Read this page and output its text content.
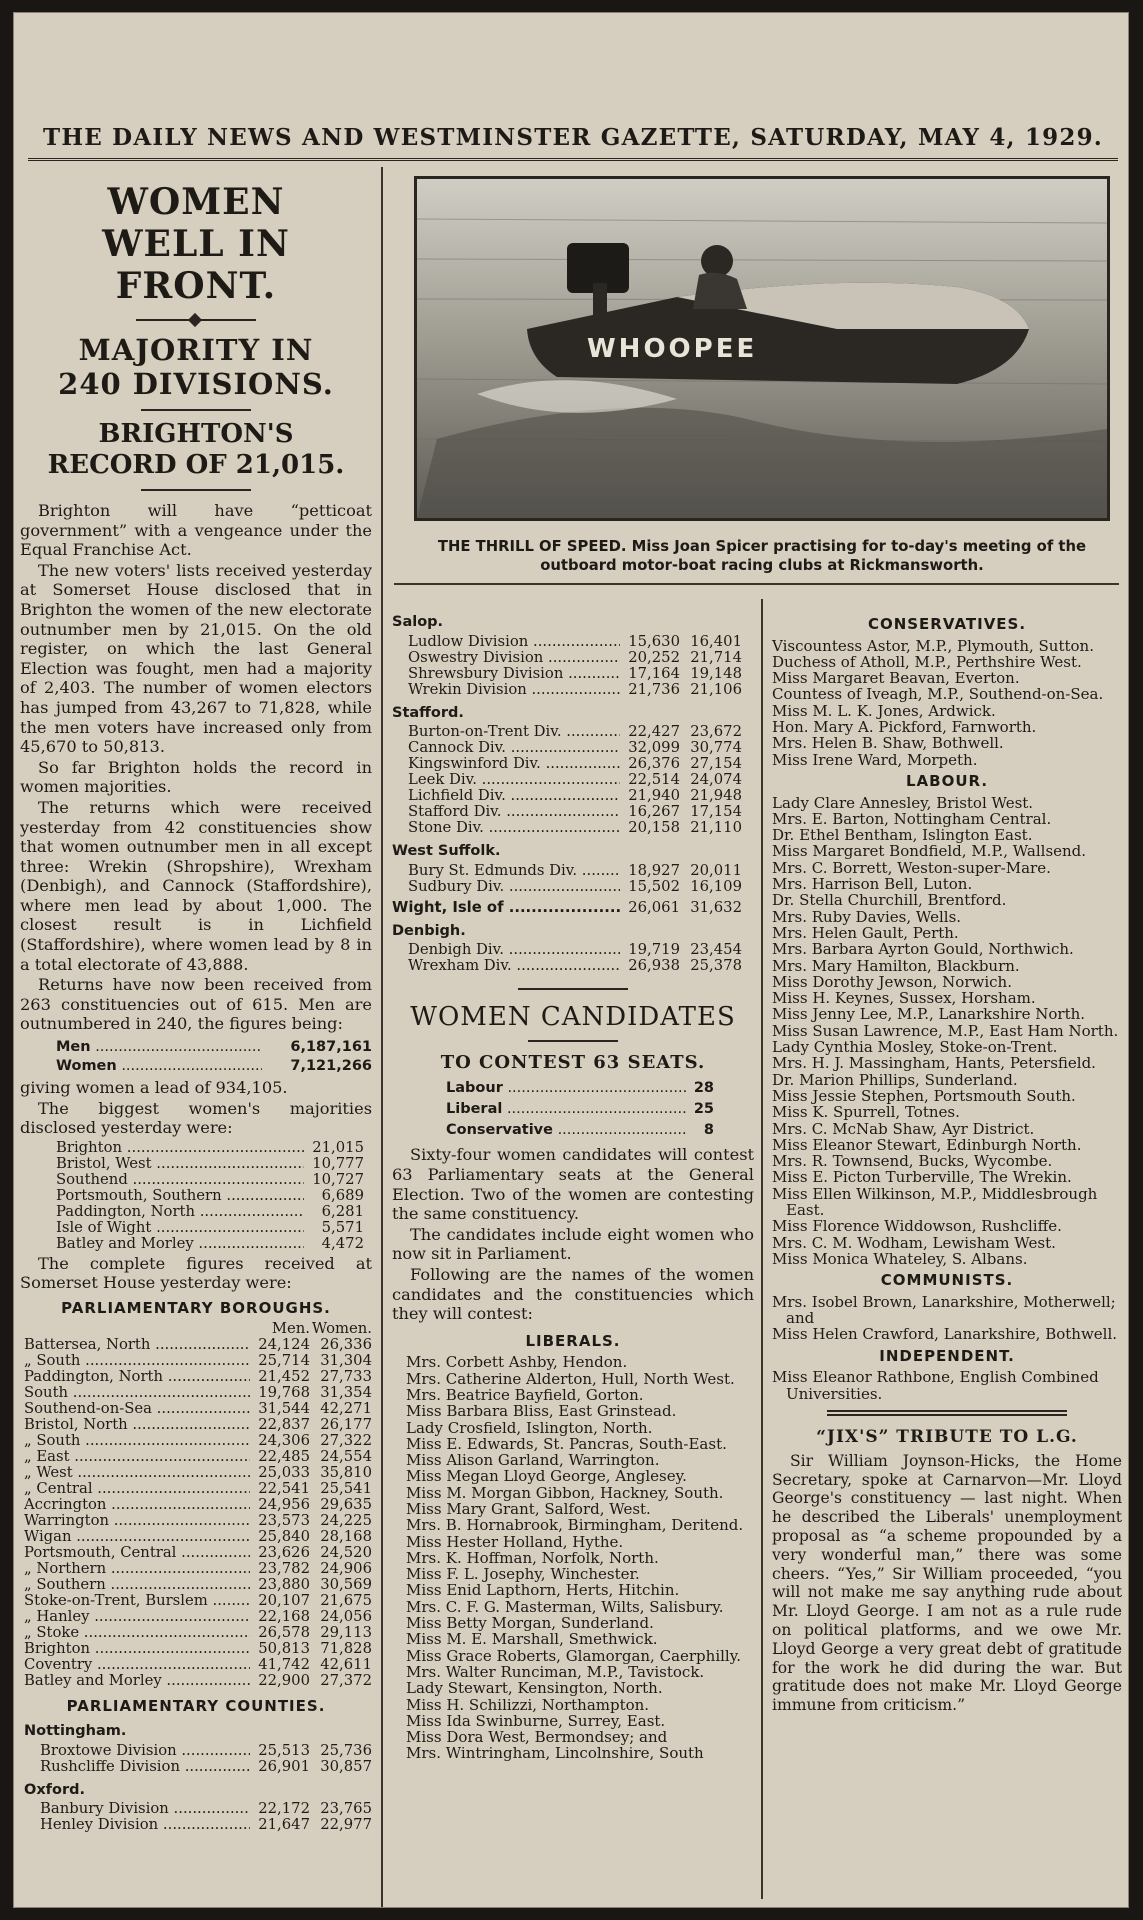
THE DAILY NEWS AND WESTMINSTER GAZETTE, SATURDAY, MAY 4, 1929.
WOMEN WELL IN FRONT.
MAJORITY IN 240 DIVISIONS.
BRIGHTON'S RECORD OF 21,015.

Brighton will have “petticoat government” with a vengeance under the Equal Franchise Act.

The new voters' lists received yesterday at Somerset House disclosed that in Brighton the women of the new electorate outnumber men by 21,015. On the old register, on which the last General Election was fought, men had a majority of 2,403. The number of women electors has jumped from 43,267 to 71,828, while the men voters have increased only from 45,670 to 50,813.

So far Brighton holds the record in women majorities.

The returns which were received yesterday from 42 constituencies show that women outnumber men in all except three: Wrekin (Shropshire), Wrexham (Denbigh), and Cannock (Staffordshire), where men lead by about 1,000. The closest result is in Lichfield (Staffordshire), where women lead by 8 in a total electorate of 43,888.

Returns have now been received from 263 constituencies out of 615. Men are outnumbered in 240, the figures being:

Men .....	6,187,161
Women .....	7,121,266

giving women a lead of 934,105.

The biggest women's majorities disclosed yesterday were:

Brighton .....	21,015
Bristol, West .....	10,777
Southend .....	10,727
Portsmouth, Southern .....	6,689
Paddington, North .....	6,281
Isle of Wight .....	5,571
Batley and Morley .....	4,472

The complete figures received at Somerset House yesterday were:

PARLIAMENTARY BOROUGHS.
Men. Women.
Battersea, North .....	24,124 26,336
„ South .....	25,714 31,304
Paddington, North .....	21,452 27,733
South .....	19,768 31,354
Southend-on-Sea .....	31,544 42,271
Bristol, North .....	22,837 26,177
„ South .....	24,306 27,322
„ East .....	22,485 24,554
„ West .....	25,033 35,810
„ Central .....	22,541 25,541
Accrington .....	24,956 29,635
Warrington .....	23,573 24,225
Wigan .....	25,840 28,168
Portsmouth, Central .....	23,626 24,520
„ Northern .....	23,782 24,906
„ Southern .....	23,880 30,569
Stoke-on-Trent, Burslem .....	20,107 21,675
„ Hanley .....	22,168 24,056
„ Stoke .....	26,578 29,113
Brighton .....	50,813 71,828
Coventry .....	41,742 42,611
Batley and Morley .....	22,900 27,372
PARLIAMENTARY COUNTIES.
Nottingham.
Broxtowe Division .....	25,513 25,736
Rushcliffe Division .....	26,901 30,857
Oxford.
Banbury Division .....	22,172 23,765
Henley Division .....	21,647 22,977
WHOOPEE
THE THRILL OF SPEED. Miss Joan Spicer practising for to-day's meeting of the outboard motor-boat racing clubs at Rickmansworth.
Salop.
Ludlow Division .....	15,630 16,401
Oswestry Division .....	20,252 21,714
Shrewsbury Division .....	17,164 19,148
Wrekin Division .....	21,736 21,106
Stafford.
Burton-on-Trent Div. .....	22,427 23,672
Cannock Div. .....	32,099 30,774
Kingswinford Div. .....	26,376 27,154
Leek Div. .....	22,514 24,074
Lichfield Div. .....	21,940 21,948
Stafford Div. .....	16,267 17,154
Stone Div. .....	20,158 21,110
West Suffolk.
Bury St. Edmunds Div. .....	18,927 20,011
Sudbury Div. .....	15,502 16,109
Wight, Isle of .....	26,061 31,632
Denbigh.
Denbigh Div. .....	19,719 23,454
Wrexham Div. .....	26,938 25,378
WOMEN CANDIDATES
TO CONTEST 63 SEATS.
Labour .....	28
Liberal .....	25
Conservative .....	8

Sixty-four women candidates will contest 63 Parliamentary seats at the General Election. Two of the women are contesting the same constituency.

The candidates include eight women who now sit in Parliament.

Following are the names of the women candidates and the constituencies which they will contest:

LIBERALS.
Mrs. Corbett Ashby, Hendon.
Mrs. Catherine Alderton, Hull, North West.
Mrs. Beatrice Bayfield, Gorton.
Miss Barbara Bliss, East Grinstead.
Lady Crosfield, Islington, North.
Miss E. Edwards, St. Pancras, South-East.
Miss Alison Garland, Warrington.
Miss Megan Lloyd George, Anglesey.
Miss M. Morgan Gibbon, Hackney, South.
Miss Mary Grant, Salford, West.
Mrs. B. Hornabrook, Birmingham, Deritend.
Miss Hester Holland, Hythe.
Mrs. K. Hoffman, Norfolk, North.
Miss F. L. Josephy, Winchester.
Miss Enid Lapthorn, Herts, Hitchin.
Mrs. C. F. G. Masterman, Wilts, Salisbury.
Miss Betty Morgan, Sunderland.
Miss M. E. Marshall, Smethwick.
Miss Grace Roberts, Glamorgan, Caerphilly.
Mrs. Walter Runciman, M.P., Tavistock.
Lady Stewart, Kensington, North.
Miss H. Schilizzi, Northampton.
Miss Ida Swinburne, Surrey, East.
Miss Dora West, Bermondsey; and
Mrs. Wintringham, Lincolnshire, South
CONSERVATIVES.
Viscountess Astor, M.P., Plymouth, Sutton.
Duchess of Atholl, M.P., Perthshire West.
Miss Margaret Beavan, Everton.
Countess of Iveagh, M.P., Southend-on-Sea.
Miss M. L. K. Jones, Ardwick.
Hon. Mary A. Pickford, Farnworth.
Mrs. Helen B. Shaw, Bothwell.
Miss Irene Ward, Morpeth.
LABOUR.
Lady Clare Annesley, Bristol West.
Mrs. E. Barton, Nottingham Central.
Dr. Ethel Bentham, Islington East.
Miss Margaret Bondfield, M.P., Wallsend.
Mrs. C. Borrett, Weston-super-Mare.
Mrs. Harrison Bell, Luton.
Dr. Stella Churchill, Brentford.
Mrs. Ruby Davies, Wells.
Mrs. Helen Gault, Perth.
Mrs. Barbara Ayrton Gould, Northwich.
Mrs. Mary Hamilton, Blackburn.
Miss Dorothy Jewson, Norwich.
Miss H. Keynes, Sussex, Horsham.
Miss Jenny Lee, M.P., Lanarkshire North.
Miss Susan Lawrence, M.P., East Ham North.
Lady Cynthia Mosley, Stoke-on-Trent.
Mrs. H. J. Massingham, Hants, Petersfield.
Dr. Marion Phillips, Sunderland.
Miss Jessie Stephen, Portsmouth South.
Miss K. Spurrell, Totnes.
Mrs. C. McNab Shaw, Ayr District.
Miss Eleanor Stewart, Edinburgh North.
Mrs. R. Townsend, Bucks, Wycombe.
Miss E. Picton Turberville, The Wrekin.
Miss Ellen Wilkinson, M.P., Middlesbrough East.
Miss Florence Widdowson, Rushcliffe.
Mrs. C. M. Wodham, Lewisham West.
Miss Monica Whateley, S. Albans.
COMMUNISTS.
Mrs. Isobel Brown, Lanarkshire, Motherwell; and
Miss Helen Crawford, Lanarkshire, Bothwell.
INDEPENDENT.
Miss Eleanor Rathbone, English Combined Universities.
“JIX'S” TRIBUTE TO L.G.

Sir William Joynson-Hicks, the Home Secretary, spoke at Carnarvon—Mr. Lloyd George's constituency — last night. When he described the Liberals' unemployment proposal as “a scheme propounded by a very wonderful man,” there was some cheers. “Yes,” Sir William proceeded, “you will not make me say anything rude about Mr. Lloyd George. I am not as a rule rude on political platforms, and we owe Mr. Lloyd George a very great debt of gratitude for the work he did during the war. But gratitude does not make Mr. Lloyd George immune from criticism.”
